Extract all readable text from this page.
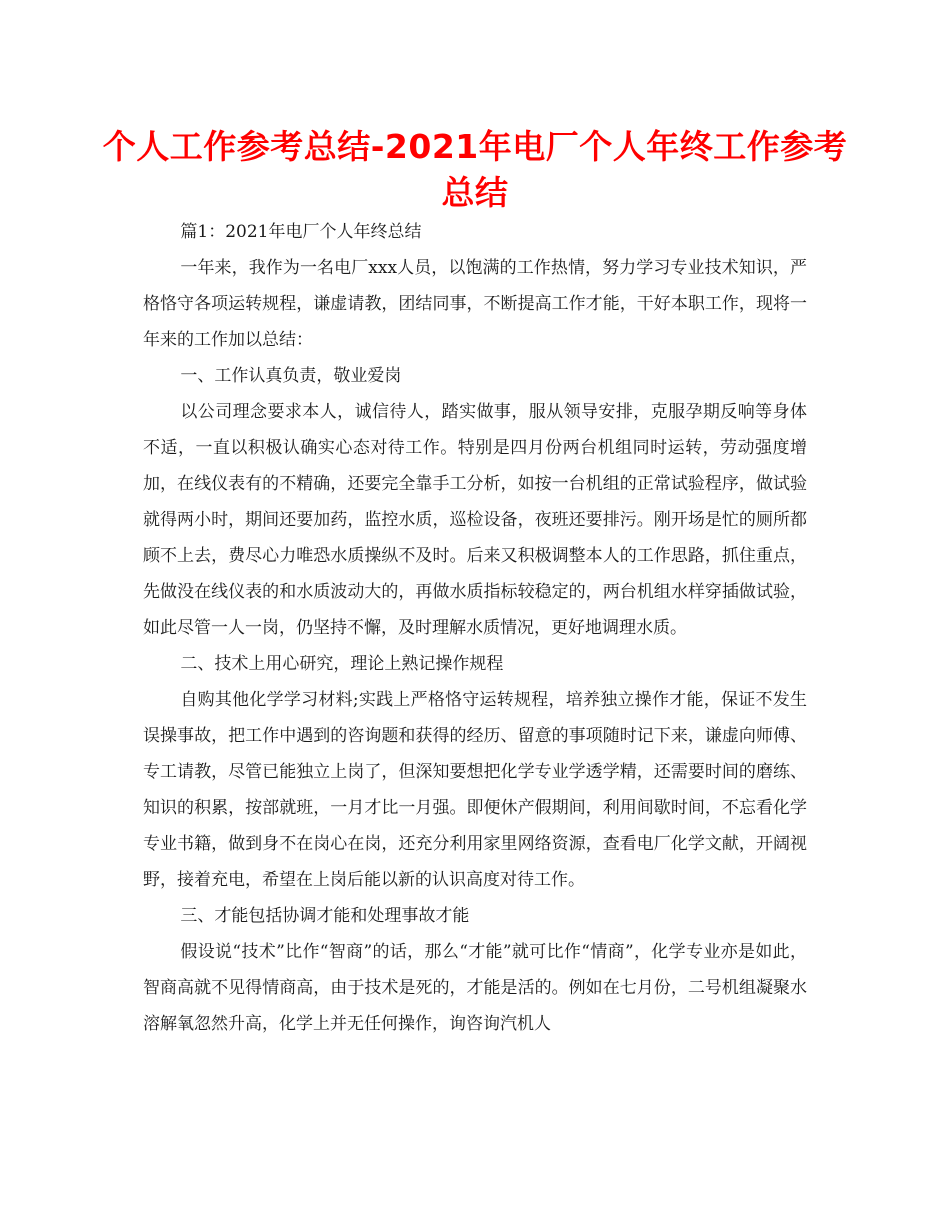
个人工作参考总结-2021年电厂个人年终工作参考总结

篇1：2021年电厂个人年终总结

一年来，我作为一名电厂xxx人员，以饱满的工作热情，努力学习专业技术知识，严格恪守各项运转规程，谦虚请教，团结同事，不断提高工作才能，干好本职工作，现将一年来的工作加以总结：

一、工作认真负责，敬业爱岗

以公司理念要求本人，诚信待人，踏实做事，服从领导安排，克服孕期反响等身体不适，一直以积极认确实心态对待工作。特别是四月份两台机组同时运转，劳动强度增加，在线仪表有的不精确，还要完全靠手工分析，如按一台机组的正常试验程序，做试验就得两小时，期间还要加药，监控水质，巡检设备，夜班还要排污。刚开场是忙的厕所都顾不上去，费尽心力唯恐水质操纵不及时。后来又积极调整本人的工作思路，抓住重点，先做没在线仪表的和水质波动大的，再做水质指标较稳定的，两台机组水样穿插做试验，如此尽管一人一岗，仍坚持不懈，及时理解水质情况，更好地调理水质。

二、技术上用心研究，理论上熟记操作规程

自购其他化学学习材料;实践上严格恪守运转规程，培养独立操作才能，保证不发生误操事故，把工作中遇到的咨询题和获得的经历、留意的事项随时记下来，谦虚向师傅、专工请教，尽管已能独立上岗了，但深知要想把化学专业学透学精，还需要时间的磨练、知识的积累，按部就班，一月才比一月强。即便休产假期间，利用间歇时间，不忘看化学专业书籍，做到身不在岗心在岗，还充分利用家里网络资源，查看电厂化学文献，开阔视野，接着充电，希望在上岗后能以新的认识高度对待工作。

三、才能包括协调才能和处理事故才能

假设说“技术”比作“智商”的话，那么“才能”就可比作“情商”，化学专业亦是如此，智商高就不见得情商高，由于技术是死的，才能是活的。例如在七月份，二号机组凝聚水溶解氧忽然升高，化学上并无任何操作，询咨询汽机人
